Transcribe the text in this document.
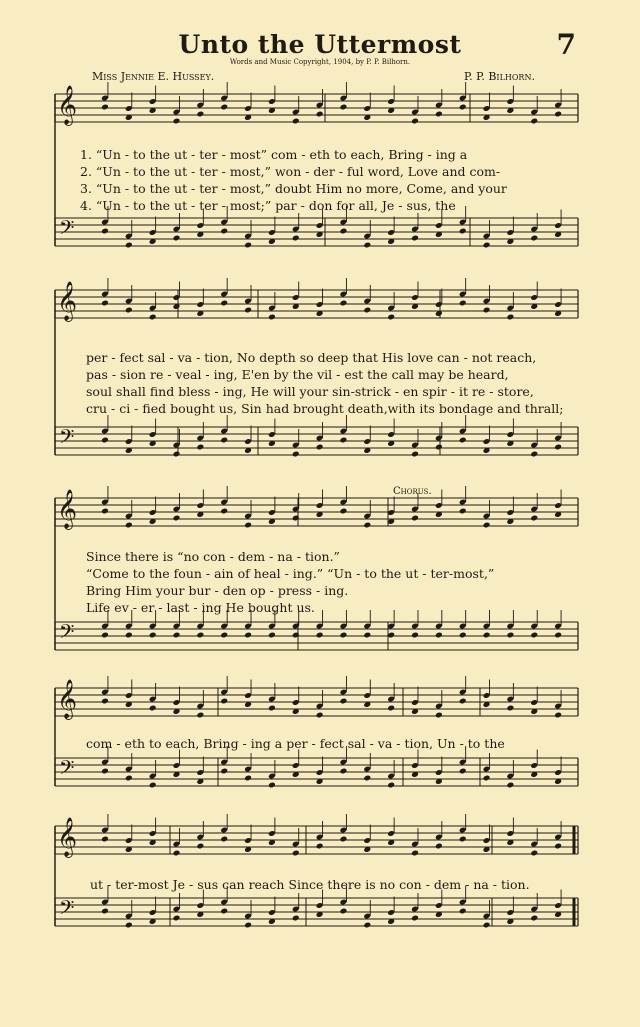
Unto the Uttermost	7
Words and Music Copyright, 1904, by P. P. Bilhorn.
Miss Jennie E. Hussey.	P. P. Bilhorn.
𝄞
𝄢
𝄞
𝄢
𝄞
𝄢
𝄞
𝄢
𝄞
𝄢
1. “Un - to the ut - ter - most” com - eth to each, Bring - ing a
2. “Un - to the ut - ter - most,” won - der - ful word, Love and com-
3. “Un - to the ut - ter - most,” doubt Him no more, Come, and your
4. “Un - to the ut - ter - most;” par - don for all, Je - sus, the
per - fect sal - va - tion, No depth so deep that His love can - not reach,
pas - sion re - veal - ing, E'en by the vil - est the call may be heard,
soul shall find bless - ing, He will your sin-strick - en spir - it re - store,
cru - ci - fied bought us, Sin had brought death,with its bondage and thrall;
Chorus.
Since there is “no con - dem - na - tion.”
“Come to the foun - ain of heal - ing.” “Un - to the ut - ter-most,”
Bring Him your bur - den op - press - ing.
Life ev - er - last - ing He bought us.
com - eth to each, Bring - ing a per - fect sal - va - tion, Un - to the
ut - ter-most Je - sus can reach Since there is no con - dem - na - tion.
